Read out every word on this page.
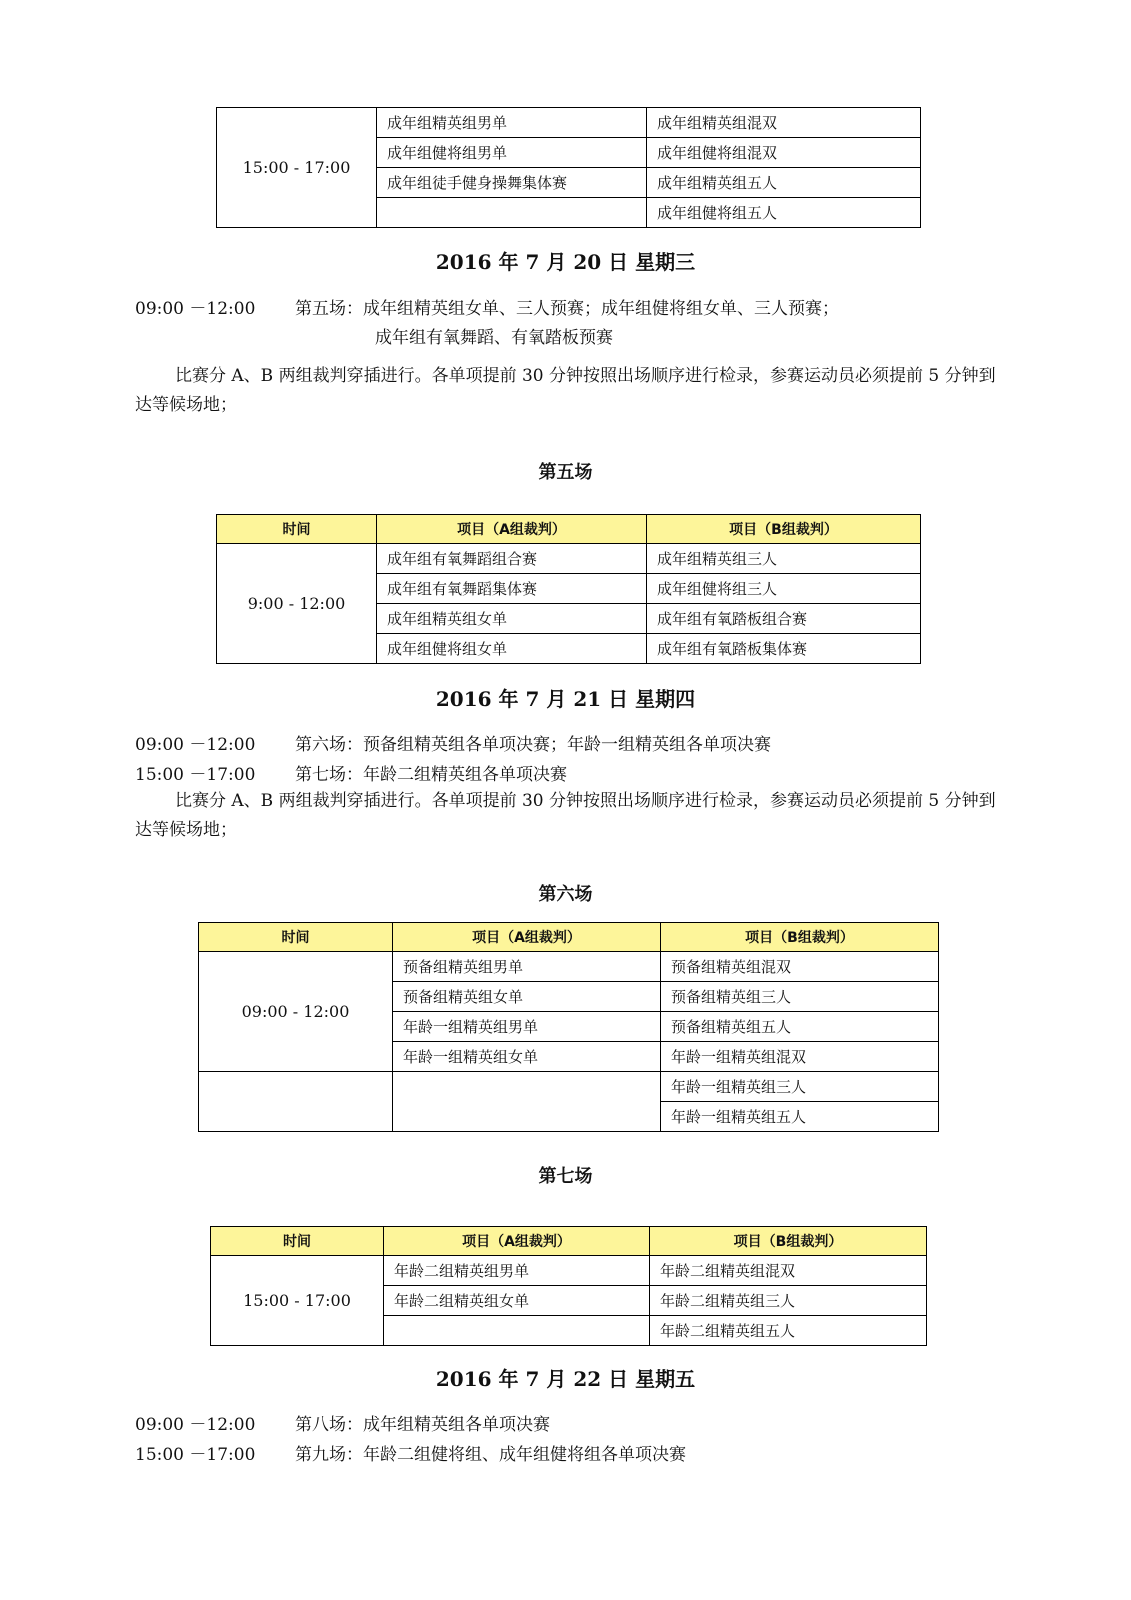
15:00 - 17:00	成年组精英组男单	成年组精英组混双
	成年组健将组男单	成年组健将组混双
	成年组徒手健身操舞集体赛	成年组精英组五人
		成年组健将组五人
2016 年 7 月 20 日 星期三
09:00 －12:00 第五场：成年组精英组女单、三人预赛；成年组健将组女单、三人预赛；
成年组有氧舞蹈、有氧踏板预赛
比赛分 A、B 两组裁判穿插进行。各单项提前 30 分钟按照出场顺序进行检录，参赛运动员必须提前 5 分钟到达等候场地；
第五场
时间	项目（A组裁判）	项目（B组裁判）
9:00 - 12:00	成年组有氧舞蹈组合赛	成年组精英组三人
	成年组有氧舞蹈集体赛	成年组健将组三人
	成年组精英组女单	成年组有氧踏板组合赛
	成年组健将组女单	成年组有氧踏板集体赛
2016 年 7 月 21 日 星期四
09:00 －12:00 第六场：预备组精英组各单项决赛；年龄一组精英组各单项决赛
15:00 －17:00 第七场：年龄二组精英组各单项决赛
比赛分 A、B 两组裁判穿插进行。各单项提前 30 分钟按照出场顺序进行检录，参赛运动员必须提前 5 分钟到达等候场地；
第六场
时间	项目（A组裁判）	项目（B组裁判）
09:00 - 12:00	预备组精英组男单	预备组精英组混双
	预备组精英组女单	预备组精英组三人
	年龄一组精英组男单	预备组精英组五人
	年龄一组精英组女单	年龄一组精英组混双
		年龄一组精英组三人
		年龄一组精英组五人
第七场
时间	项目（A组裁判）	项目（B组裁判）
15:00 - 17:00	年龄二组精英组男单	年龄二组精英组混双
	年龄二组精英组女单	年龄二组精英组三人
		年龄二组精英组五人
2016 年 7 月 22 日 星期五
09:00 －12:00 第八场：成年组精英组各单项决赛
15:00 －17:00 第九场：年龄二组健将组、成年组健将组各单项决赛
